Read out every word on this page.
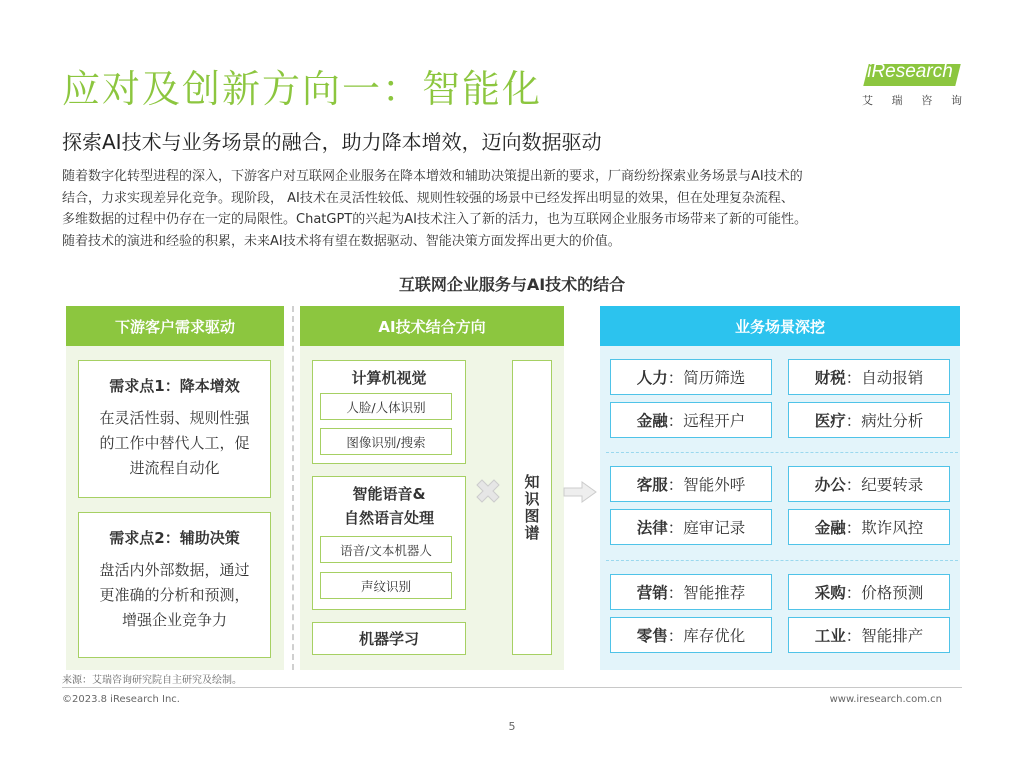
应对及创新方向一：智能化	iResearch
艾 瑞 咨 询
探索AI技术与业务场景的融合，助力降本增效，迈向数据驱动

随着数字化转型进程的深入，下游客户对互联网企业服务在降本增效和辅助决策提出新的要求，厂商纷纷探索业务场景与AI技术的

结合，力求实现差异化竞争。现阶段， AI技术在灵活性较低、规则性较强的场景中已经发挥出明显的效果，但在处理复杂流程、

多维数据的过程中仍存在一定的局限性。ChatGPT的兴起为AI技术注入了新的活力，也为互联网企业服务市场带来了新的可能性。

随着技术的演进和经验的积累，未来AI技术将有望在数据驱动、智能决策方面发挥出更大的价值。

互联网企业服务与AI技术的结合
下游客户需求驱动
需求点1：降本增效
在灵活性弱、规则性强
的工作中替代人工，促
进流程自动化
需求点2：辅助决策
盘活内外部数据，通过
更准确的分析和预测，
增强企业竞争力
AI技术结合方向
计算机视觉
人脸/人体识别
图像识别/搜索
智能语音&
自然语言处理
语音/文本机器人
声纹识别
机器学习
知识图谱
业务场景深挖
人力 ： 简历筛选	财税 ： 自动报销
金融 ： 远程开户	医疗 ： 病灶分析
客服 ： 智能外呼	办公 ： 纪要转录
法律 ： 庭审记录	金融 ： 欺诈风控
营销 ： 智能推荐	采购 ： 价格预测
零售 ： 库存优化	工业 ： 智能排产
来源：艾瑞咨询研究院自主研究及绘制。
©2023.8 iResearch Inc.	www.iresearch.com.cn
5
